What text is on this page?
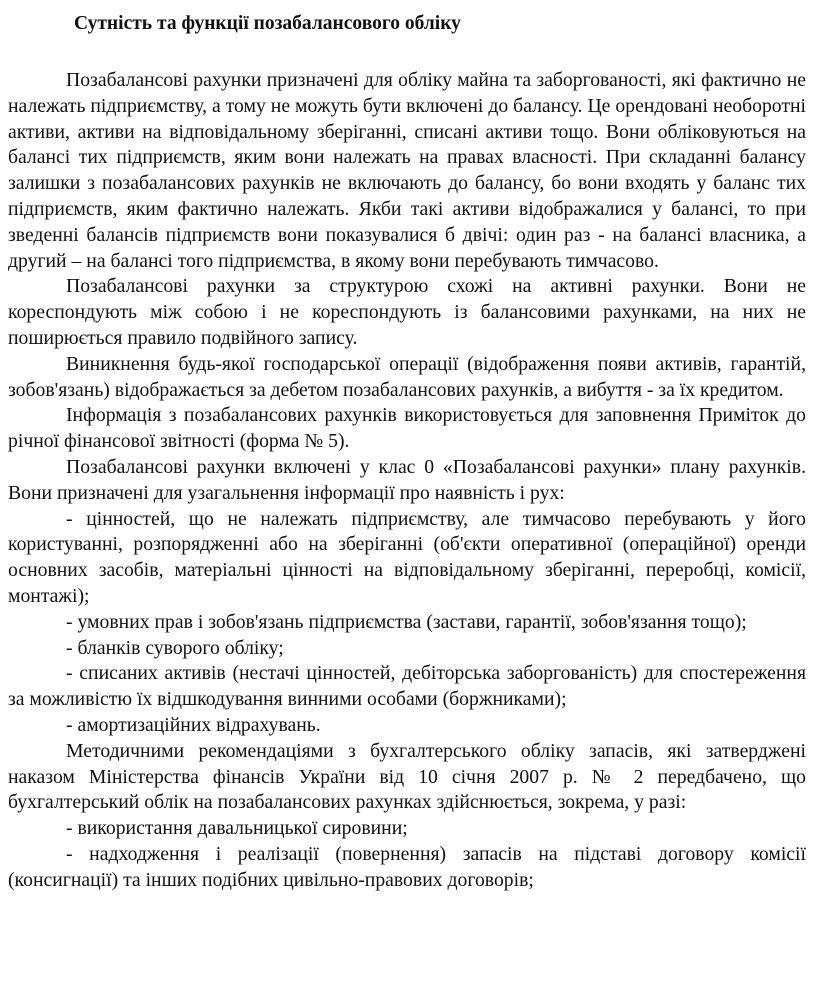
Сутність та функції позабалансового обліку

Позабалансові рахунки призначені для обліку майна та заборгованості, які фактично не належать підприємству, а тому не можуть бути включені до балансу. Це орендовані необоротні активи, активи на відповідальному зберіганні, списані активи тощо. Вони обліковуються на балансі тих підприємств, яким вони належать на правах власності. При складанні балансу залишки з позабалансових рахунків не включають до балансу, бо вони входять у баланс тих підприємств, яким фактично належать. Якби такі активи відображалися у балансі, то при зведенні балансів підприємств вони показувалися б двічі: один раз - на балансі власника, а другий – на балансі того підприємства, в якому вони перебувають тимчасово.

Позабалансові рахунки за структурою схожі на активні рахунки. Вони не кореспондують між собою і не кореспондують із балансовими рахунками, на них не поширюється правило подвійного запису.

Виникнення будь-якої господарської операції (відображення появи активів, гарантій, зобов'язань) відображається за дебетом позабалансових рахунків, а вибуття - за їх кредитом.

Інформація з позабалансових рахунків використовується для заповнення Приміток до річної фінансової звітності (форма № 5).

Позабалансові рахунки включені у клас 0 «Позабалансові рахунки» плану рахунків. Вони призначені для узагальнення інформації про наявність і рух:

- цінностей, що не належать підприємству, але тимчасово перебувають у його користуванні, розпорядженні або на зберіганні (об'єкти оперативної (операційної) оренди основних засобів, матеріальні цінності на відповідальному зберіганні, переробці, комісії, монтажі);

- умовних прав і зобов'язань підприємства (застави, гарантії, зобов'язання тощо);

- бланків суворого обліку;

- списаних активів (нестачі цінностей, дебіторська заборгованість) для спостереження за можливістю їх відшкодування винними особами (боржниками);

- амортизаційних відрахувань.

Методичними рекомендаціями з бухгалтерського обліку запасів, які затверджені наказом Міністерства фінансів України від 10 січня 2007 р. № 2 передбачено, що бухгалтерський облік на позабалансових рахунках здійснюється, зокрема, у разі:

- використання давальницької сировини;

- надходження і реалізації (повернення) запасів на підставі договору комісії (консигнації) та інших подібних цивільно-правових договорів;
